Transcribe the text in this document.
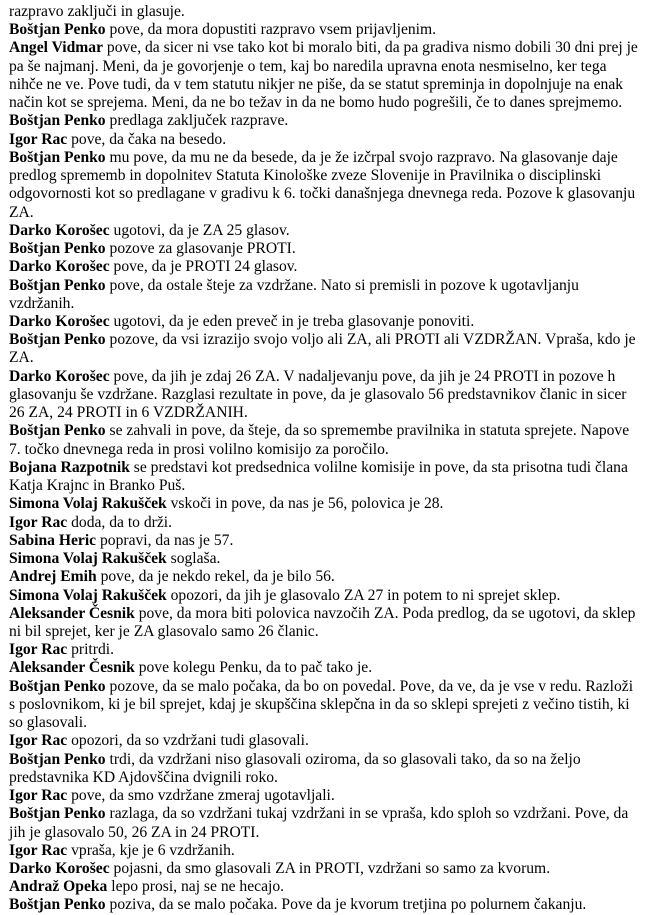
razpravo zaključi in glasuje.

Boštjan Penko pove, da mora dopustiti razpravo vsem prijavljenim.

Angel Vidmar pove, da sicer ni vse tako kot bi moralo biti, da pa gradiva nismo dobili 30 dni prej je pa še najmanj. Meni, da je govorjenje o tem, kaj bo naredila upravna enota nesmiselno, ker tega nihče ne ve. Pove tudi, da v tem statutu nikjer ne piše, da se statut spreminja in dopolnjuje na enak način kot se sprejema. Meni, da ne bo težav in da ne bomo hudo pogrešili, če to danes sprejmemo.

Boštjan Penko predlaga zaključek razprave.

Igor Rac pove, da čaka na besedo.

Boštjan Penko mu pove, da mu ne da besede, da je že izčrpal svojo razpravo. Na glasovanje daje predlog sprememb in dopolnitev Statuta Kinološke zveze Slovenije in Pravilnika o disciplinski odgovornosti kot so predlagane v gradivu k 6. točki današnjega dnevnega reda. Pozove k glasovanju ZA.

Darko Korošec ugotovi, da je ZA 25 glasov.

Boštjan Penko pozove za glasovanje PROTI.

Darko Korošec pove, da je PROTI 24 glasov.

Boštjan Penko pove, da ostale šteje za vzdržane. Nato si premisli in pozove k ugotavljanju vzdržanih.

Darko Korošec ugotovi, da je eden preveč in je treba glasovanje ponoviti.

Boštjan Penko pozove, da vsi izrazijo svojo voljo ali ZA, ali PROTI ali VZDRŽAN. Vpraša, kdo je ZA.

Darko Korošec pove, da jih je zdaj 26 ZA. V nadaljevanju pove, da jih je 24 PROTI in pozove h glasovanju še vzdržane. Razglasi rezultate in pove, da je glasovalo 56 predstavnikov članic in sicer 26 ZA, 24 PROTI in 6 VZDRŽANIH.

Boštjan Penko se zahvali in pove, da šteje, da so spremembe pravilnika in statuta sprejete. Napove 7. točko dnevnega reda in prosi volilno komisijo za poročilo.

Bojana Razpotnik se predstavi kot predsednica volilne komisije in pove, da sta prisotna tudi člana Katja Krajnc in Branko Puš.

Simona Volaj Rakušček vskoči in pove, da nas je 56, polovica je 28.

Igor Rac doda, da to drži.

Sabina Heric popravi, da nas je 57.

Simona Volaj Rakušček soglaša.

Andrej Emih pove, da je nekdo rekel, da je bilo 56.

Simona Volaj Rakušček opozori, da jih je glasovalo ZA 27 in potem to ni sprejet sklep.

Aleksander Česnik pove, da mora biti polovica navzočih ZA. Poda predlog, da se ugotovi, da sklep ni bil sprejet, ker je ZA glasovalo samo 26 članic.

Igor Rac pritrdi.

Aleksander Česnik pove kolegu Penku, da to pač tako je.

Boštjan Penko pozove, da se malo počaka, da bo on povedal. Pove, da ve, da je vse v redu. Razloži s poslovnikom, ki je bil sprejet, kdaj je skupščina sklepčna in da so sklepi sprejeti z večino tistih, ki so glasovali.

Igor Rac opozori, da so vzdržani tudi glasovali.

Boštjan Penko trdi, da vzdržani niso glasovali oziroma, da so glasovali tako, da so na željo predstavnika KD Ajdovščina dvignili roko.

Igor Rac pove, da smo vzdržane zmeraj ugotavljali.

Boštjan Penko razlaga, da so vzdržani tukaj vzdržani in se vpraša, kdo sploh so vzdržani. Pove, da jih je glasovalo 50, 26 ZA in 24 PROTI.

Igor Rac vpraša, kje je 6 vzdržanih.

Darko Korošec pojasni, da smo glasovali ZA in PROTI, vzdržani so samo za kvorum.

Andraž Opeka lepo prosi, naj se ne hecajo.

Boštjan Penko poziva, da se malo počaka. Pove da je kvorum tretjina po polurnem čakanju.
